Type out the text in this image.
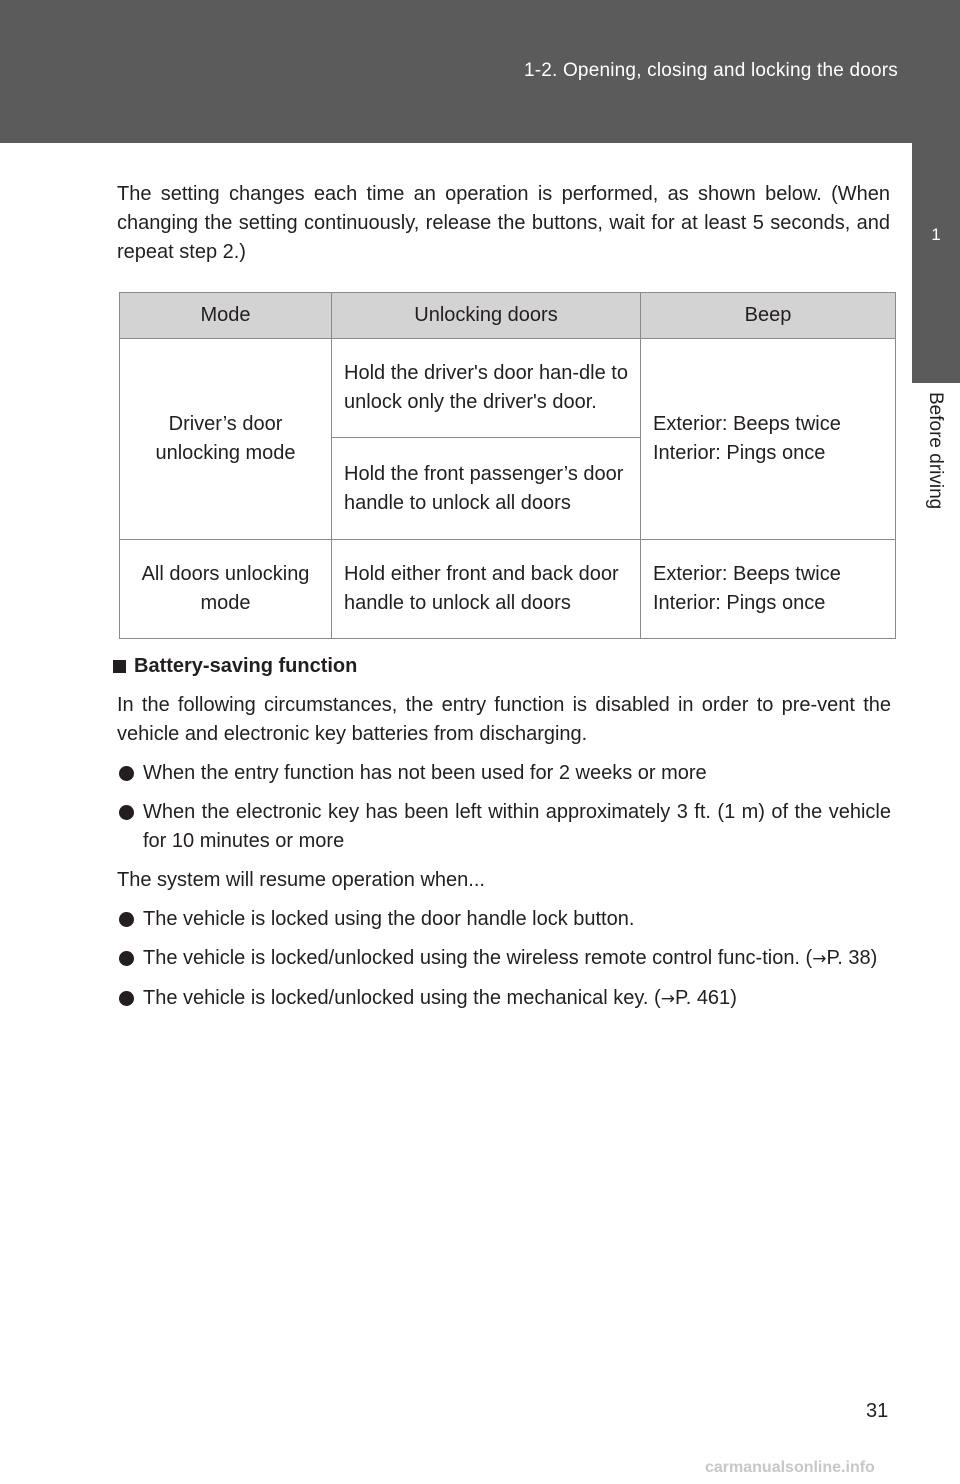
1-2. Opening, closing and locking the doors
1
Before driving

The setting changes each time an operation is performed, as shown below. (When changing the setting continuously, release the buttons, wait for at least 5 seconds, and repeat step 2.)

Mode	Unlocking doors	Beep
Driver’s door unlocking mode	Hold the driver's door han-dle to unlock only the driver's door.	Exterior: Beeps twice
Interior: Pings once

	Hold the front passenger’s door handle to unlock all doors	
All doors unlocking mode	Hold either front and back door handle to unlock all doors	Exterior: Beeps twice
Interior: Pings once

Battery-saving function

In the following circumstances, the entry function is disabled in order to pre-vent the vehicle and electronic key batteries from discharging.

When the entry function has not been used for 2 weeks or more
When the electronic key has been left within approximately 3 ft. (1 m) of the vehicle for 10 minutes or more

The system will resume operation when...

The vehicle is locked using the door handle lock button.
The vehicle is locked/unlocked using the wireless remote control func-tion. (→P. 38)
The vehicle is locked/unlocked using the mechanical key. (→P. 461)
31
carmanualsonline.info
